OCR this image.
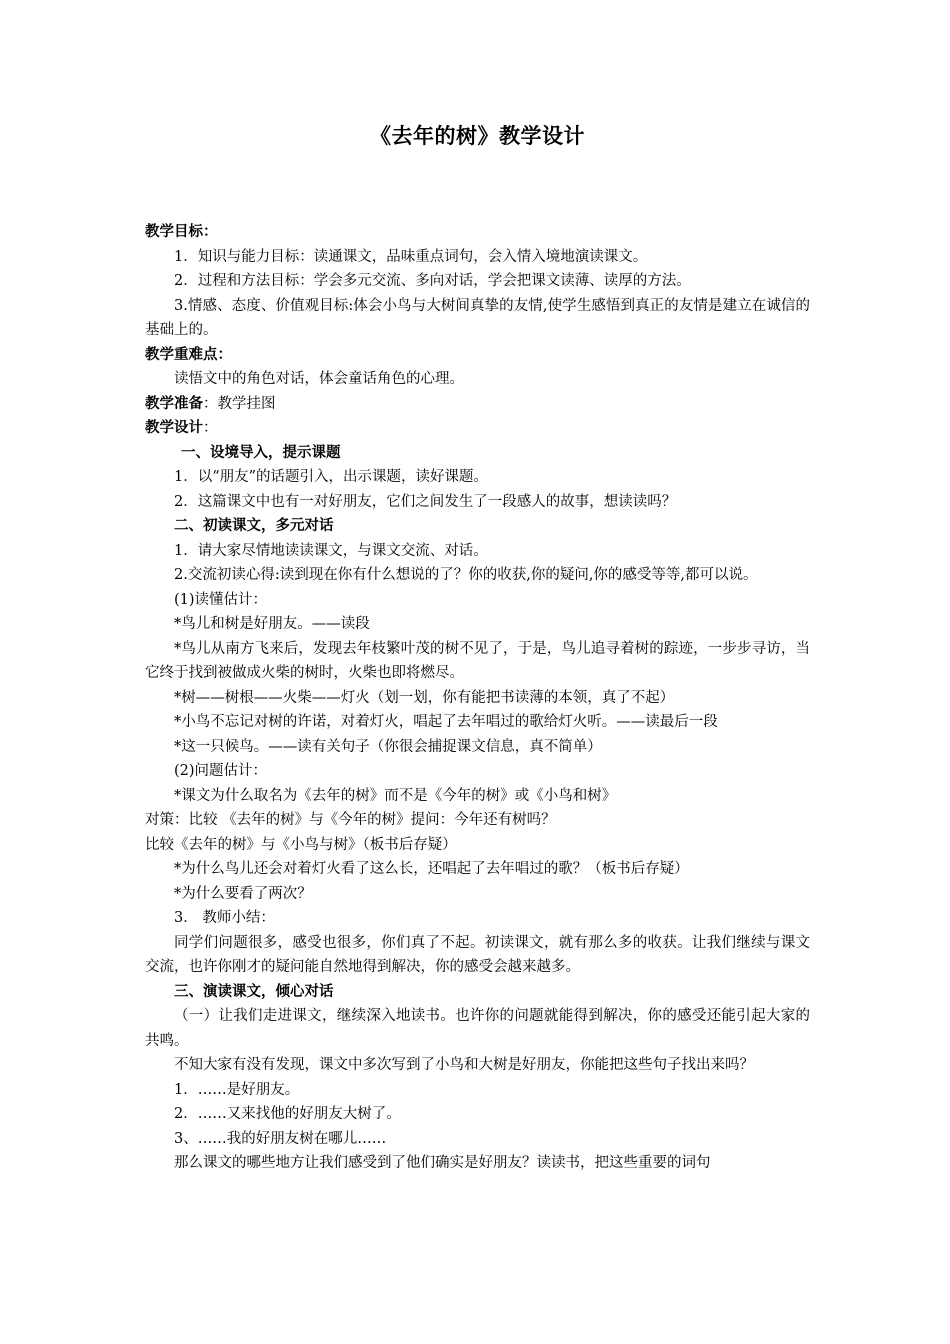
《去年的树》教学设计

教学目标：

1．知识与能力目标：读通课文，品味重点词句，会入情入境地演读课文。

2．过程和方法目标：学会多元交流、多向对话，学会把课文读薄、读厚的方法。

3.情感、态度、价值观目标:体会小鸟与大树间真挚的友情,使学生感悟到真正的友情是建立在诚信的基础上的。

教学重难点：

读悟文中的角色对话，体会童话角色的心理。

教学准备：教学挂图

教学设计：

一、设境导入，提示课题

1．以“朋友”的话题引入，出示课题，读好课题。

2．这篇课文中也有一对好朋友，它们之间发生了一段感人的故事，想读读吗？

二、初读课文，多元对话

1．请大家尽情地读读课文，与课文交流、对话。

2.交流初读心得:读到现在你有什么想说的了？你的收获,你的疑问,你的感受等等,都可以说。

(1)读懂估计：

*鸟儿和树是好朋友。——读段

*鸟儿从南方飞来后，发现去年枝繁叶茂的树不见了，于是，鸟儿追寻着树的踪迹，一步步寻访，当它终于找到被做成火柴的树时，火柴也即将燃尽。

*树——树根——火柴——灯火（划一划，你有能把书读薄的本领，真了不起）

*小鸟不忘记对树的许诺，对着灯火，唱起了去年唱过的歌给灯火听。——读最后一段

*这一只候鸟。——读有关句子（你很会捕捉课文信息，真不简单）

(2)问题估计：

*课文为什么取名为《去年的树》而不是《今年的树》或《小鸟和树》

对策：比较 《去年的树》与《今年的树》提问：今年还有树吗？

比较《去年的树》与《小鸟与树》（板书后存疑）

*为什么鸟儿还会对着灯火看了这么长，还唱起了去年唱过的歌？（板书后存疑）

*为什么要看了两次？

3． 教师小结：

同学们问题很多，感受也很多，你们真了不起。初读课文，就有那么多的收获。让我们继续与课文交流，也许你刚才的疑问能自然地得到解决，你的感受会越来越多。

三、演读课文，倾心对话

（一）让我们走进课文，继续深入地读书。也许你的问题就能得到解决，你的感受还能引起大家的共鸣。

不知大家有没有发现，课文中多次写到了小鸟和大树是好朋友，你能把这些句子找出来吗？

1．……是好朋友。

2．……又来找他的好朋友大树了。

3、……我的好朋友树在哪儿……

那么课文的哪些地方让我们感受到了他们确实是好朋友？读读书，把这些重要的词句
